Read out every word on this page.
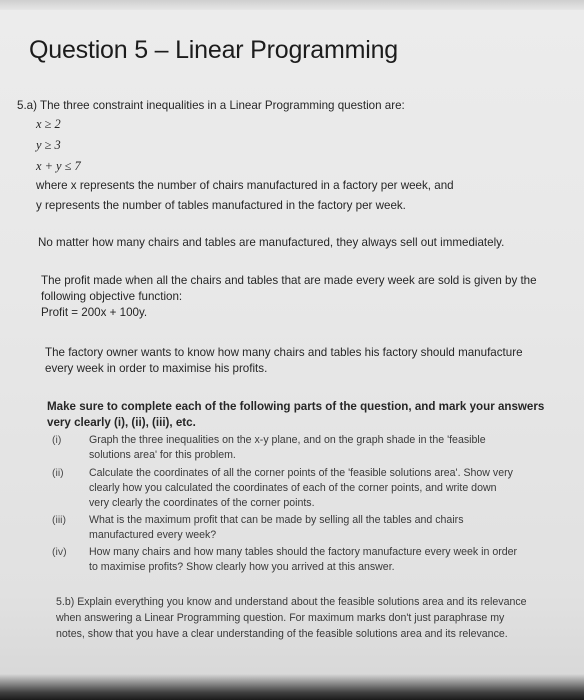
Question 5 – Linear Programming
5.a) The three constraint inequalities in a Linear Programming question are:
x ≥ 2
y ≥ 3
x + y ≤ 7
where x represents the number of chairs manufactured in a factory per week, and
y represents the number of tables manufactured in the factory per week.
No matter how many chairs and tables are manufactured, they always sell out immediately.
The profit made when all the chairs and tables that are made every week are sold is given by the
following objective function:
Profit = 200x + 100y.
The factory owner wants to know how many chairs and tables his factory should manufacture
every week in order to maximise his profits.
Make sure to complete each of the following parts of the question, and mark your answers
very clearly (i), (ii), (iii), etc.
(i)	Graph the three inequalities on the x-y plane, and on the graph shade in the 'feasible
solutions area' for this problem.
(ii) Calculate the coordinates of all the corner points of the 'feasible solutions area'. Show very
clearly how you calculated the coordinates of each of the corner points, and write down
very clearly the coordinates of the corner points.
(iii) What is the maximum profit that can be made by selling all the tables and chairs
manufactured every week?
(iv) How many chairs and how many tables should the factory manufacture every week in order
to maximise profits? Show clearly how you arrived at this answer.
5.b) Explain everything you know and understand about the feasible solutions area and its relevance
when answering a Linear Programming question. For maximum marks don't just paraphrase my
notes, show that you have a clear understanding of the feasible solutions area and its relevance.
